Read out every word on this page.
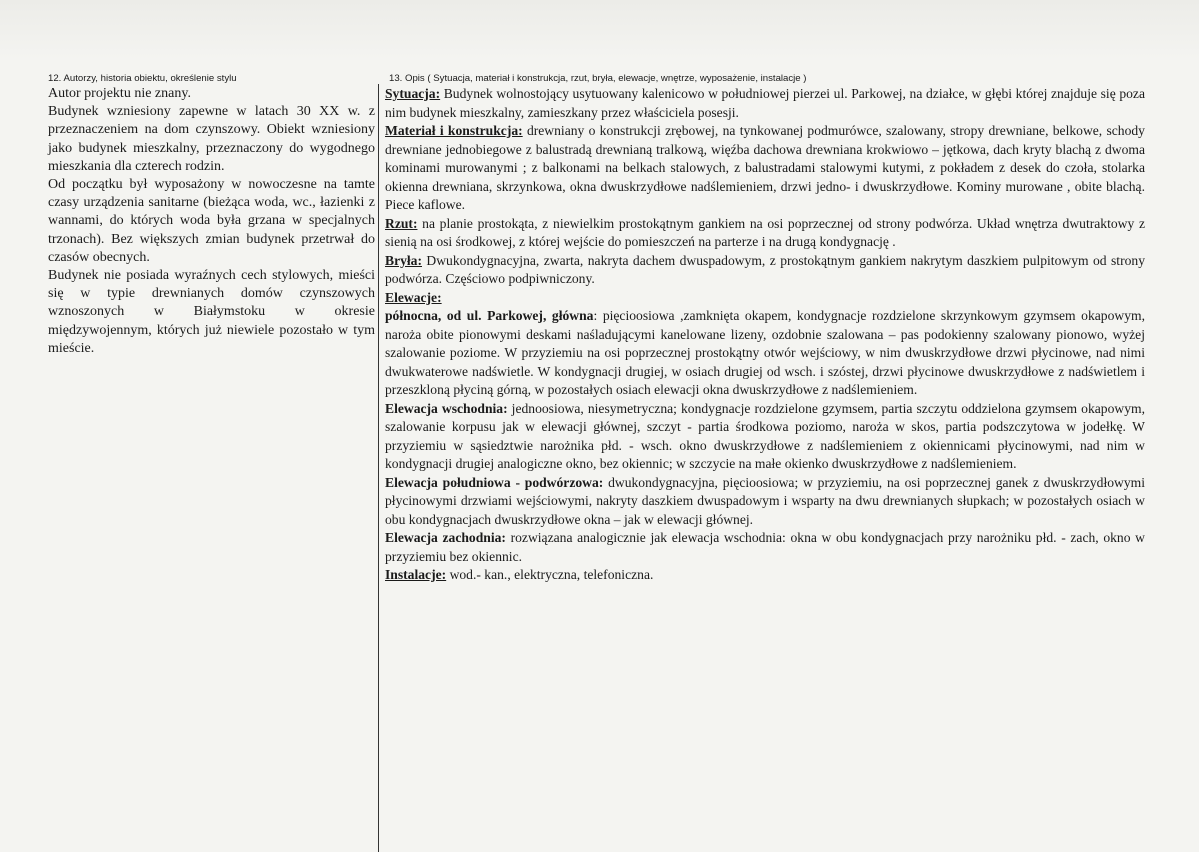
12. Autorzy, historia obiektu, określenie stylu

Autor projektu nie znany.

Budynek wzniesiony zapewne w latach 30 XX w. z przeznaczeniem na dom czynszowy. Obiekt wzniesiony jako budynek mieszkalny, przeznaczony do wygodnego mieszkania dla czterech rodzin.

Od początku był wyposażony w nowoczesne na tamte czasy urządzenia sanitarne (bieżąca woda, wc., łazienki z wannami, do których woda była grzana w specjalnych trzonach). Bez większych zmian budynek przetrwał do czasów obecnych.

Budynek nie posiada wyraźnych cech stylowych, mieści się w typie drewnianych domów czynszowych wznoszonych w Białymstoku w okresie międzywojennym, których już niewiele pozostało w tym mieście.

13. Opis ( Sytuacja, materiał i konstrukcja, rzut, bryła, elewacje, wnętrze, wyposażenie, instalacje )

Sytuacja: Budynek wolnostojący usytuowany kalenicowo w południowej pierzei ul. Parkowej, na działce, w głębi której znajduje się poza nim budynek mieszkalny, zamieszkany przez właściciela posesji.

Materiał i konstrukcja: drewniany o konstrukcji zrębowej, na tynkowanej podmurówce, szalowany, stropy drewniane, belkowe, schody drewniane jednobiegowe z balustradą drewnianą tralkową, więźba dachowa drewniana krokwiowo – jętkowa, dach kryty blachą z dwoma kominami murowanymi ; z balkonami na belkach stalowych, z balustradami stalowymi kutymi, z pokładem z desek do czoła, stolarka okienna drewniana, skrzynkowa, okna dwuskrzydłowe nadślemieniem, drzwi jedno- i dwuskrzydłowe. Kominy murowane , obite blachą. Piece kaflowe.

Rzut: na planie prostokąta, z niewielkim prostokątnym gankiem na osi poprzecznej od strony podwórza. Układ wnętrza dwutraktowy z sienią na osi środkowej, z której wejście do pomieszczeń na parterze i na drugą kondygnację .

Bryła: Dwukondygnacyjna, zwarta, nakryta dachem dwuspadowym, z prostokątnym gankiem nakrytym daszkiem pulpitowym od strony podwórza. Częściowo podpiwniczony.

Elewacje:

północna, od ul. Parkowej, główna: pięcioosiowa ,zamknięta okapem, kondygnacje rozdzielone skrzynkowym gzymsem okapowym, naroża obite pionowymi deskami naśladującymi kanelowane lizeny, ozdobnie szalowana – pas podokienny szalowany pionowo, wyżej szalowanie poziome. W przyziemiu na osi poprzecznej prostokątny otwór wejściowy, w nim dwuskrzydłowe drzwi płycinowe, nad nimi dwukwaterowe nadświetle. W kondygnacji drugiej, w osiach drugiej od wsch. i szóstej, drzwi płycinowe dwuskrzydłowe z nadświetlem i przeszkloną płyciną górną, w pozostałych osiach elewacji okna dwuskrzydłowe z nadślemieniem.

Elewacja wschodnia: jednoosiowa, niesymetryczna; kondygnacje rozdzielone gzymsem, partia szczytu oddzielona gzymsem okapowym, szalowanie korpusu jak w elewacji głównej, szczyt - partia środkowa poziomo, naroża w skos, partia podszczytowa w jodełkę. W przyziemiu w sąsiedztwie narożnika płd. - wsch. okno dwuskrzydłowe z nadślemieniem z okiennicami płycinowymi, nad nim w kondygnacji drugiej analogiczne okno, bez okiennic; w szczycie na małe okienko dwuskrzydłowe z nadślemieniem.

Elewacja południowa - podwórzowa: dwukondygnacyjna, pięcioosiowa; w przyziemiu, na osi poprzecznej ganek z dwuskrzydłowymi płycinowymi drzwiami wejściowymi, nakryty daszkiem dwuspadowym i wsparty na dwu drewnianych słupkach; w pozostałych osiach w obu kondygnacjach dwuskrzydłowe okna – jak w elewacji głównej.

Elewacja zachodnia: rozwiązana analogicznie jak elewacja wschodnia: okna w obu kondygnacjach przy narożniku płd. - zach, okno w przyziemiu bez okiennic.

Instalacje: wod.- kan., elektryczna, telefoniczna.
